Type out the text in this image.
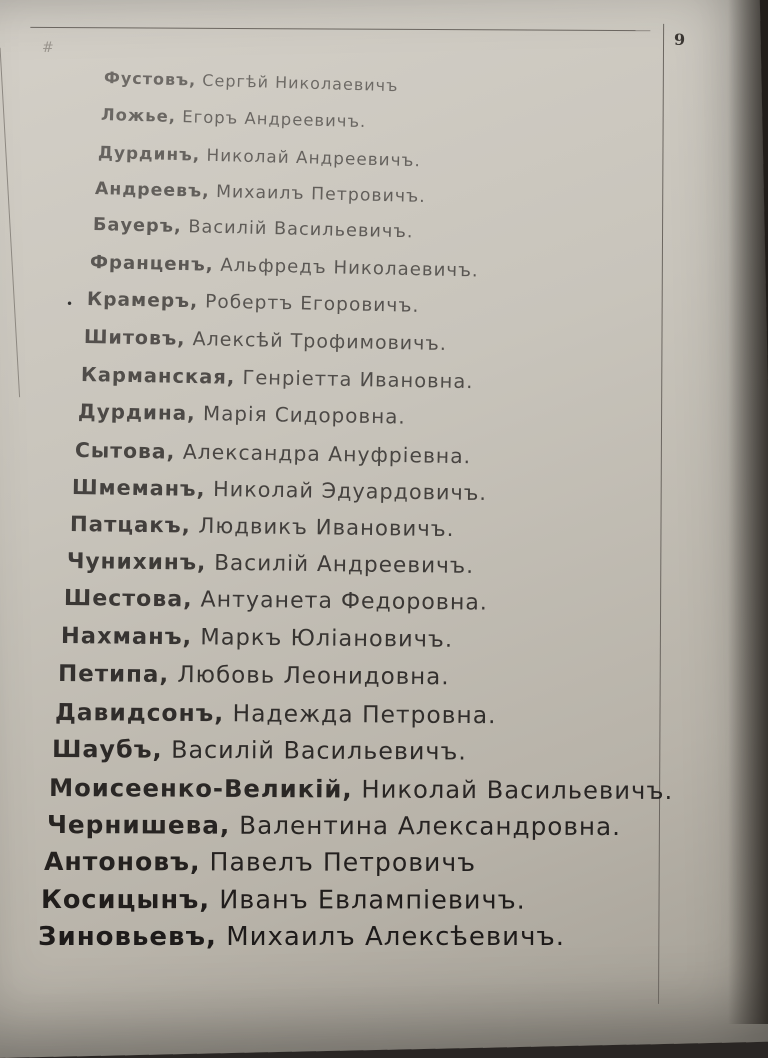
#	9
•
Фустовъ, Сергѣй Николаевичъ
Ложье, Егоръ Андреевичъ.
Дурдинъ, Николай Андреевичъ.
Андреевъ, Михаилъ Петровичъ.
Бауеръ, Василій Васильевичъ.
Франценъ, Альфредъ Николаевичъ.
Крамеръ, Робертъ Егоровичъ.
Шитовъ, Алексѣй Трофимовичъ.
Карманская, Генріетта Ивановна.
Дурдина, Марія Сидоровна.
Сытова, Александра Ануфріевна.
Шмеманъ, Николай Эдуардовичъ.
Патцакъ, Людвикъ Ивановичъ.
Чунихинъ, Василій Андреевичъ.
Шестова, Антуанета Федоровна.
Нахманъ, Маркъ Юліановичъ.
Петипа, Любовь Леонидовна.
Давидсонъ, Надежда Петровна.
Шаубъ, Василій Васильевичъ.
Моисеенко-Великій, Николай Васильевичъ.
Чернишева, Валентина Александровна.
Антоновъ, Павелъ Петровичъ
Косицынъ, Иванъ Евлампіевичъ.
Зиновьевъ, Михаилъ Алексѣевичъ.
